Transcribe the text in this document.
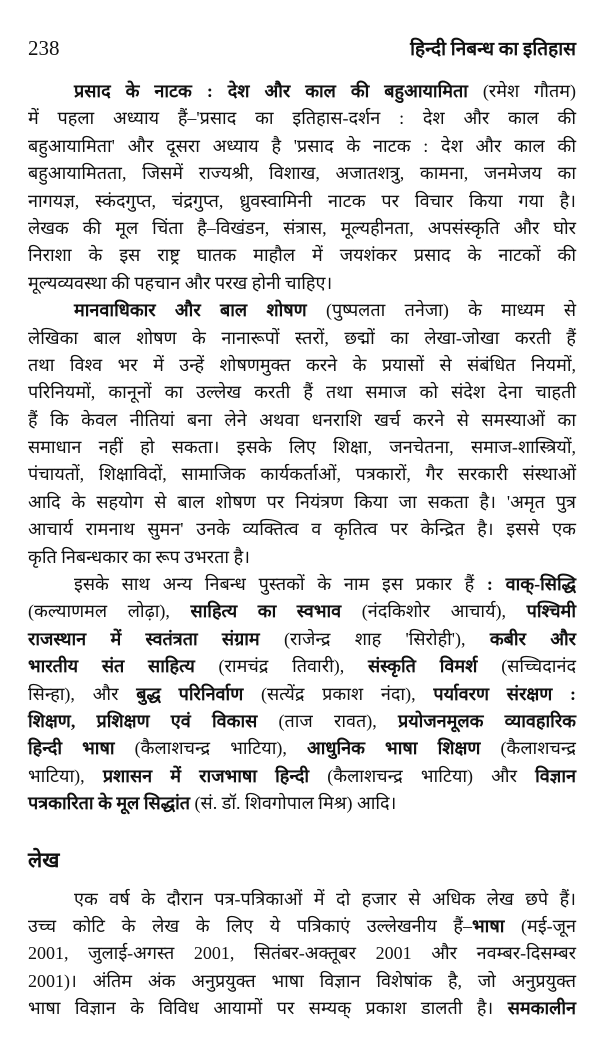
238	हिन्दी निबन्ध का इतिहास
प्रसाद के नाटक : देश और काल की बहुआयामिता (रमेश गौतम)
में पहला अध्याय हैं–'प्रसाद का इतिहास-दर्शन : देश और काल की
बहुआयामिता' और दूसरा अध्याय है 'प्रसाद के नाटक : देश और काल की
बहुआयामितता, जिसमें राज्यश्री, विशाख, अजातशत्रु, कामना, जनमेजय का
नागयज्ञ, स्कंदगुप्त, चंद्रगुप्त, ध्रुवस्वामिनी नाटक पर विचार किया गया है।
लेखक की मूल चिंता है–विखंडन, संत्रास, मूल्यहीनता, अपसंस्कृति और घोर
निराशा के इस राष्ट्र घातक माहौल में जयशंकर प्रसाद के नाटकों की
मूल्यव्यवस्था की पहचान और परख होनी चाहिए।
मानवाधिकार और बाल शोषण (पुष्पलता तनेजा) के माध्यम से
लेखिका बाल शोषण के नानारूपों स्तरों, छद्मों का लेखा-जोखा करती हैं
तथा विश्व भर में उन्हें शोषणमुक्त करने के प्रयासों से संबंधित नियमों,
परिनियमों, कानूनों का उल्लेख करती हैं तथा समाज को संदेश देना चाहती
हैं कि केवल नीतियां बना लेने अथवा धनराशि खर्च करने से समस्याओं का
समाधान नहीं हो सकता। इसके लिए शिक्षा, जनचेतना, समाज-शास्त्रियों,
पंचायतों, शिक्षाविदों, सामाजिक कार्यकर्ताओं, पत्रकारों, गैर सरकारी संस्थाओं
आदि के सहयोग से बाल शोषण पर नियंत्रण किया जा सकता है। 'अमृत पुत्र
आचार्य रामनाथ सुमन' उनके व्यक्तित्व व कृतित्व पर केन्द्रित है। इससे एक
कृति निबन्धकार का रूप उभरता है।
इसके साथ अन्य निबन्ध पुस्तकों के नाम इस प्रकार हैं : वाक्-सिद्धि
(कल्याणमल लोढ़ा), साहित्य का स्वभाव (नंदकिशोर आचार्य), पश्चिमी
राजस्थान में स्वतंत्रता संग्राम (राजेन्द्र शाह 'सिरोही'), कबीर और
भारतीय संत साहित्य (रामचंद्र तिवारी), संस्कृति विमर्श (सच्चिदानंद
सिन्हा), और बुद्ध परिनिर्वाण (सत्येंद्र प्रकाश नंदा), पर्यावरण संरक्षण :
शिक्षण, प्रशिक्षण एवं विकास (ताज रावत), प्रयोजनमूलक व्यावहारिक
हिन्दी भाषा (कैलाशचन्द्र भाटिया), आधुनिक भाषा शिक्षण (कैलाशचन्द्र
भाटिया), प्रशासन में राजभाषा हिन्दी (कैलाशचन्द्र भाटिया) और विज्ञान
पत्रकारिता के मूल सिद्धांत (सं. डॉ. शिवगोपाल मिश्र) आदि।
लेख
एक वर्ष के दौरान पत्र-पत्रिकाओं में दो हजार से अधिक लेख छपे हैं।
उच्च कोटि के लेख के लिए ये पत्रिकाएं उल्लेखनीय हैं–भाषा (मई-जून
2001, जुलाई-अगस्त 2001, सितंबर-अक्तूबर 2001 और नवम्बर-दिसम्बर
2001)। अंतिम अंक अनुप्रयुक्त भाषा विज्ञान विशेषांक है, जो अनुप्रयुक्त
भाषा विज्ञान के विविध आयामों पर सम्यक् प्रकाश डालती है। समकालीन
